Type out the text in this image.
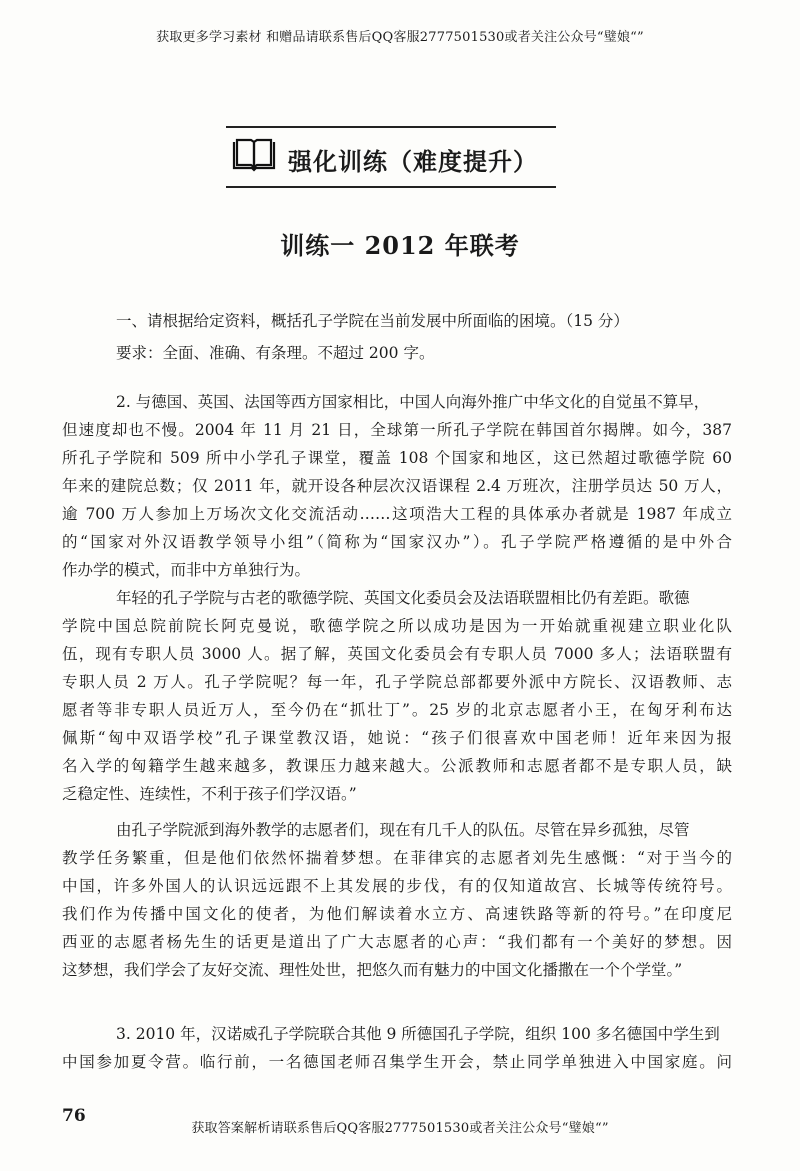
获取更多学习素材 和赠品请联系售后QQ客服2777501530或者关注公众号“璧娘“”
强化训练（难度提升）
训练一 2012 年联考
一、请根据给定资料，概括孔子学院在当前发展中所面临的困境。（15 分）
要求：全面、准确、有条理。不超过 200 字。
2. 与德国、英国、法国等西方国家相比，中国人向海外推广中华文化的自觉虽不算早，
但速度却也不慢。2004 年 11 月 21 日，全球第一所孔子学院在韩国首尔揭牌。如今，387
所孔子学院和 509 所中小学孔子课堂，覆盖 108 个国家和地区，这已然超过歌德学院 60
年来的建院总数；仅 2011 年，就开设各种层次汉语课程 2.4 万班次，注册学员达 50 万人，
逾 700 万人参加上万场次文化交流活动……这项浩大工程的具体承办者就是 1987 年成立
的“国家对外汉语教学领导小组”（简称为“国家汉办”）。孔子学院严格遵循的是中外合
作办学的模式，而非中方单独行为。
年轻的孔子学院与古老的歌德学院、英国文化委员会及法语联盟相比仍有差距。歌德
学院中国总院前院长阿克曼说，歌德学院之所以成功是因为一开始就重视建立职业化队
伍，现有专职人员 3000 人。据了解，英国文化委员会有专职人员 7000 多人；法语联盟有
专职人员 2 万人。孔子学院呢？每一年，孔子学院总部都要外派中方院长、汉语教师、志
愿者等非专职人员近万人，至今仍在“抓壮丁”。25 岁的北京志愿者小王，在匈牙利布达
佩斯“匈中双语学校”孔子课堂教汉语，她说：“孩子们很喜欢中国老师！近年来因为报
名入学的匈籍学生越来越多，教课压力越来越大。公派教师和志愿者都不是专职人员，缺
乏稳定性、连续性，不利于孩子们学汉语。”
由孔子学院派到海外教学的志愿者们，现在有几千人的队伍。尽管在异乡孤独，尽管
教学任务繁重，但是他们依然怀揣着梦想。在菲律宾的志愿者刘先生感慨：“对于当今的
中国，许多外国人的认识远远跟不上其发展的步伐，有的仅知道故宫、长城等传统符号。
我们作为传播中国文化的使者，为他们解读着水立方、高速铁路等新的符号。”在印度尼
西亚的志愿者杨先生的话更是道出了广大志愿者的心声：“我们都有一个美好的梦想。因
这梦想，我们学会了友好交流、理性处世，把悠久而有魅力的中国文化播撒在一个个学堂。”
3. 2010 年，汉诺威孔子学院联合其他 9 所德国孔子学院，组织 100 多名德国中学生到
中国参加夏令营。临行前，一名德国老师召集学生开会，禁止同学单独进入中国家庭。问
76
获取答案解析请联系售后QQ客服2777501530或者关注公众号“璧娘“”
